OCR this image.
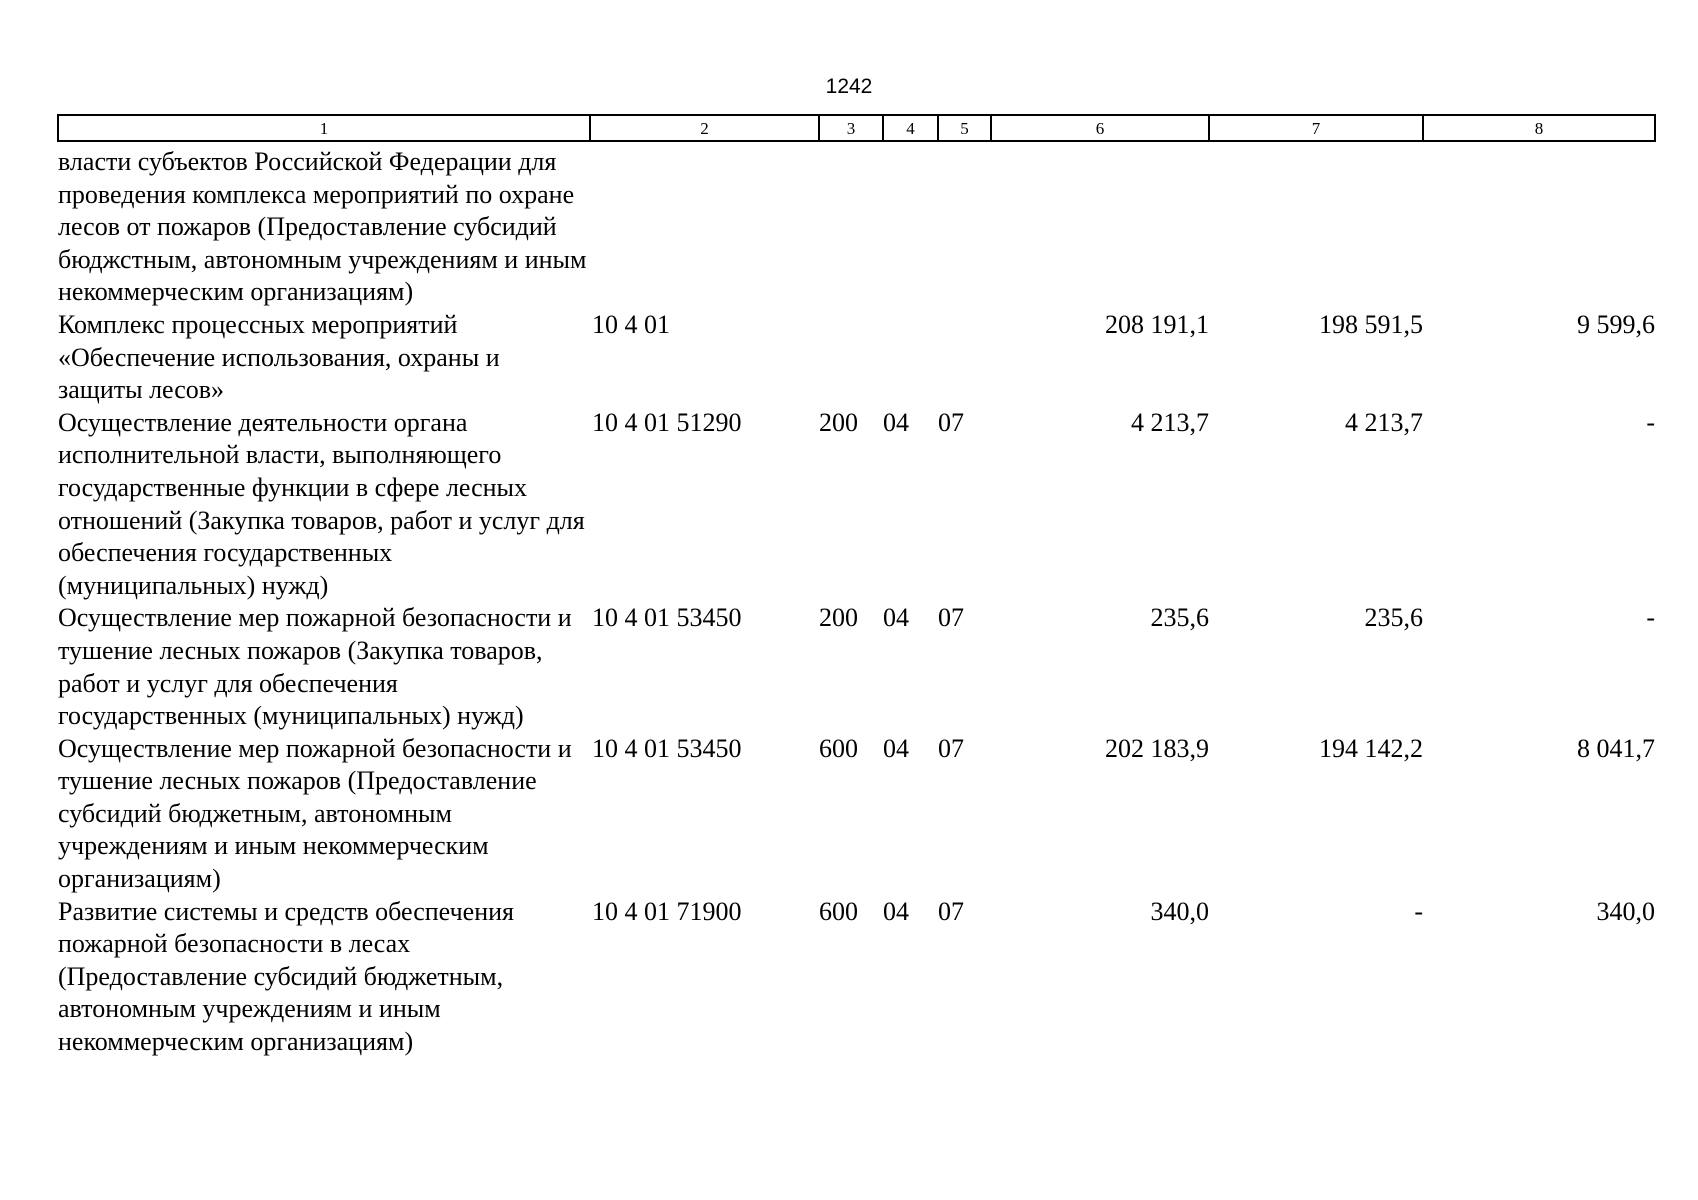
1242
1	2	3	4	5	6	7	8
власти субъектов Российской Федерации для проведения комплекса мероприятий по охране лесов от пожаров (Предоставление субсидий бюджстным, автономным учреждениям и иным некоммерческим организациям)							
Комплекс процессных мероприятий «Обеспечение использования, охраны и защиты лесов»	10 4 01				208 191,1	198 591,5	9 599,6
Осуществление деятельности органа исполнительной власти, выполняющего государственные функции в сфере лесных отношений (Закупка товаров, работ и услуг для обеспечения государственных (муниципальных) нужд)	10 4 01 51290	200	04	07	4 213,7	4 213,7	-
Осуществление мер пожарной безопасности и тушение лесных пожаров (Закупка товаров, работ и услуг для обеспечения государственных (муниципальных) нужд)	10 4 01 53450	200	04	07	235,6	235,6	-
Осуществление мер пожарной безопасности и тушение лесных пожаров (Предоставление субсидий бюджетным, автономным учреждениям и иным некоммерческим организациям)	10 4 01 53450	600	04	07	202 183,9	194 142,2	8 041,7
Развитие системы и средств обеспечения пожарной безопасности в лесах (Предоставление субсидий бюджетным, автономным учреждениям и иным некоммерческим организациям)	10 4 01 71900	600	04	07	340,0	-	340,0
